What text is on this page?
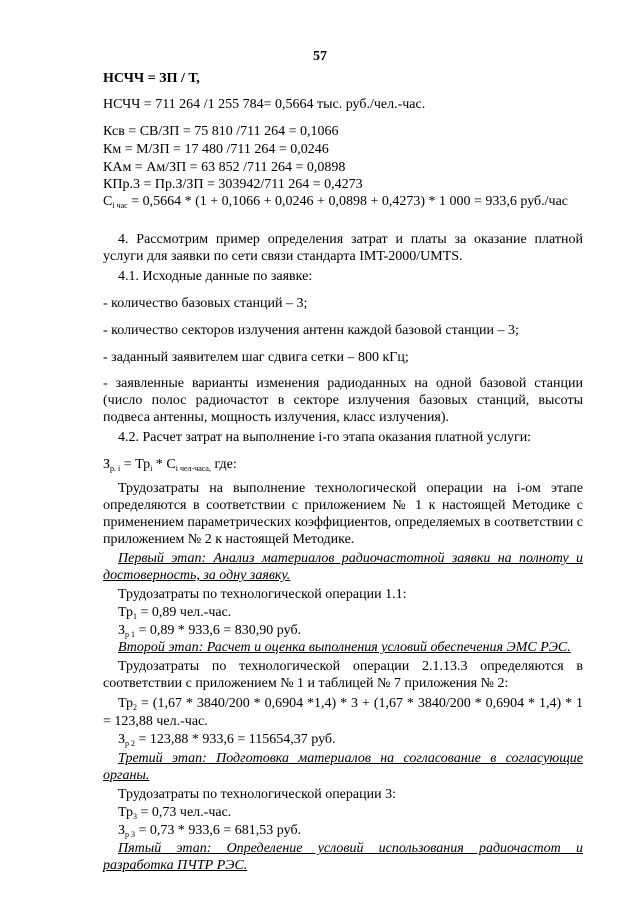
57
НСЧЧ = ЗП / Т,
НСЧЧ = 711 264 /1 255 784= 0,5664 тыс. руб./чел.-час.
Ксв = СВ/ЗП = 75 810 /711 264 = 0,1066
Км = М/ЗП = 17 480 /711 264 = 0,0246
КАм = Ам/ЗП = 63 852 /711 264 = 0,0898
КПр.3 = Пр.З/ЗП = 303942/711 264 = 0,4273
$C_{i час} = 0,5664 * (1 + 0,1066 + 0,0246 + 0,0898 + 0,4273) * 1$ 000 = 933,6 руб./час
4. Рассмотрим пример определения затрат и платы за оказание платной услуги для заявки по сети связи стандарта IMT-2000/UMTS.
4.1. Исходные данные по заявке:
- количество базовых станций – 3;
- количество секторов излучения антенн каждой базовой станции – 3;
- заданный заявителем шаг сдвига сетки – 800 кГц;
- заявленные варианты изменения радиоданных на одной базовой станции (число полос радиочастот в секторе излучения базовых станций, высоты подвеса антенны, мощность излучения, класс излучения).
4.2. Расчет затрат на выполнение i-го этапа оказания платной услуги:
$З_{р. i} = Тр_i * С_{i чел-часа,}$ где:
Трудозатраты на выполнение технологической операции на i-ом этапе определяются в соответствии с приложением № 1 к настоящей Методике с применением параметрических коэффициентов, определяемых в соответствии с приложением № 2 к настоящей Методике.
Первый этап: Анализ материалов радиочастотной заявки на полноту и достоверность, за одну заявку.
Трудозатраты по технологической операции 1.1:
$Тр_1 = 0,89$ чел.-час.
$З_{р 1} = 0,89 * 933,6 = 830,90$ руб.
Второй этап: Расчет и оценка выполнения условий обеспечения ЭМС РЭС.
Трудозатраты по технологической операции 2.1.13.3 определяются в соответствии с приложением № 1 и таблицей № 7 приложения № 2:
$Тр_2 = (1,67 * 3840/200 * 0,6904$ *1,4) * 3 + (1,67 * 3840/200 * 0,6904 * 1,4) * 1 = 123,88 чел.-час.
$З_{р 2} = 123,88 * 933,6 = 115654,37$ руб.
Третий этап: Подготовка материалов на согласование в согласующие органы.
Трудозатраты по технологической операции 3:
$Тр_3 = 0,73$ чел.-час.
$З_{р 3} = 0,73 * 933,6 = 681,53$ руб.
Пятый этап: Определение условий использования радиочастот и разработка ПЧТР РЭС.
